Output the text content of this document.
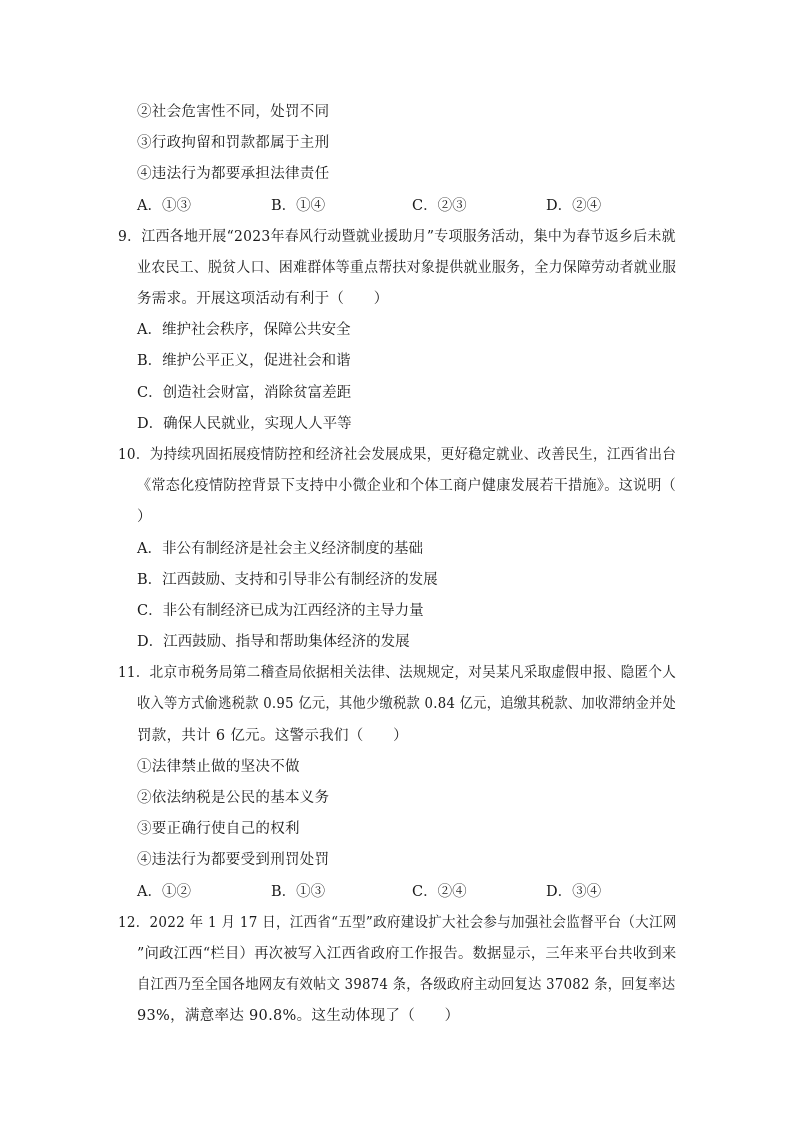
②社会危害性不同，处罚不同
③行政拘留和罚款都属于主刑
④违法行为都要承担法律责任
A．①③	B．①④	C．②③	D．②④
9．江西各地开展“2023年春风行动暨就业援助月”专项服务活动，集中为春节返乡后未就
业农民工、脱贫人口、困难群体等重点帮扶对象提供就业服务，全力保障劳动者就业服
务需求。开展这项活动有利于（　　）
A．维护社会秩序，保障公共安全
B．维护公平正义，促进社会和谐
C．创造社会财富，消除贫富差距
D．确保人民就业，实现人人平等
10．为持续巩固拓展疫情防控和经济社会发展成果，更好稳定就业、改善民生，江西省出台
《常态化疫情防控背景下支持中小微企业和个体工商户健康发展若干措施》。这说明（
）
A．非公有制经济是社会主义经济制度的基础
B．江西鼓励、支持和引导非公有制经济的发展
C．非公有制经济已成为江西经济的主导力量
D．江西鼓励、指导和帮助集体经济的发展
11．北京市税务局第二稽查局依据相关法律、法规规定，对吴某凡采取虚假申报、隐匿个人
收入等方式偷逃税款 0.95 亿元，其他少缴税款 0.84 亿元，追缴其税款、加收滞纳金并处
罚款，共计 6 亿元。这警示我们（　　）
①法律禁止做的坚决不做
②依法纳税是公民的基本义务
③要正确行使自己的权利
④违法行为都要受到刑罚处罚
A．①②	B．①③	C．②④	D．③④
12．2022 年 1 月 17 日，江西省“五型”政府建设扩大社会参与加强社会监督平台（大江网
”问政江西“栏目）再次被写入江西省政府工作报告。数据显示，三年来平台共收到来
自江西乃至全国各地网友有效帖文 39874 条，各级政府主动回复达 37082 条，回复率达
93%，满意率达 90.8%。这生动体现了（　　）
